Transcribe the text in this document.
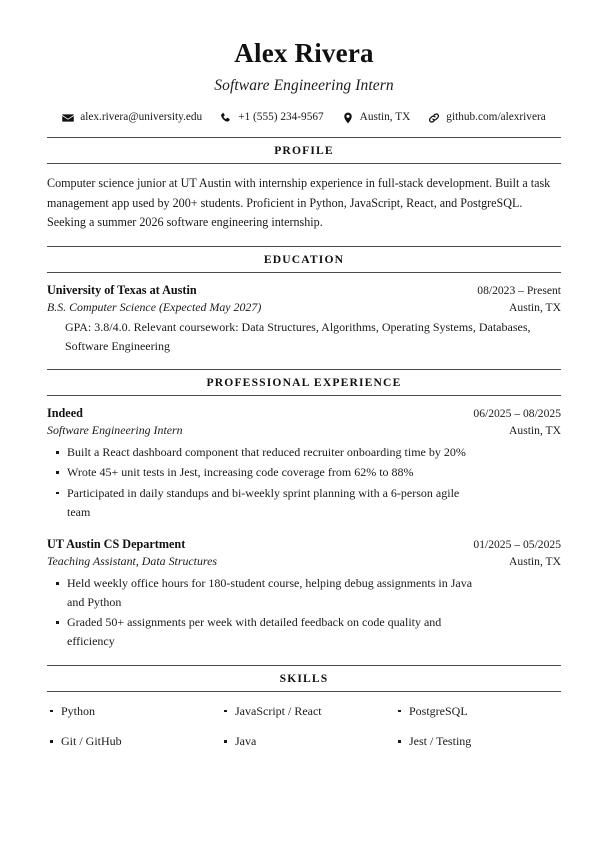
Alex Rivera
Software Engineering Intern
alex.rivera@university.edu	+1 (555) 234-9567	Austin, TX	github.com/alexrivera
PROFILE

Computer science junior at UT Austin with internship experience in full-stack development. Built a task management app used by 200+ students. Proficient in Python, JavaScript, React, and PostgreSQL. Seeking a summer 2026 software engineering internship.

EDUCATION
University of Texas at Austin	08/2023 – Present
B.S. Computer Science (Expected May 2027)	Austin, TX
GPA: 3.8/4.0. Relevant coursework: Data Structures, Algorithms, Operating Systems, Databases, Software Engineering
PROFESSIONAL EXPERIENCE
Indeed	06/2025 – 08/2025
Software Engineering Intern	Austin, TX
Built a React dashboard component that reduced recruiter onboarding time by 20%
Wrote 45+ unit tests in Jest, increasing code coverage from 62% to 88%
Participated in daily standups and bi-weekly sprint planning with a 6-person agile team
UT Austin CS Department	01/2025 – 05/2025
Teaching Assistant, Data Structures	Austin, TX
Held weekly office hours for 180-student course, helping debug assignments in Java and Python
Graded 50+ assignments per week with detailed feedback on code quality and efficiency
SKILLS
Python	JavaScript / React	PostgreSQL
Git / GitHub	Java	Jest / Testing
